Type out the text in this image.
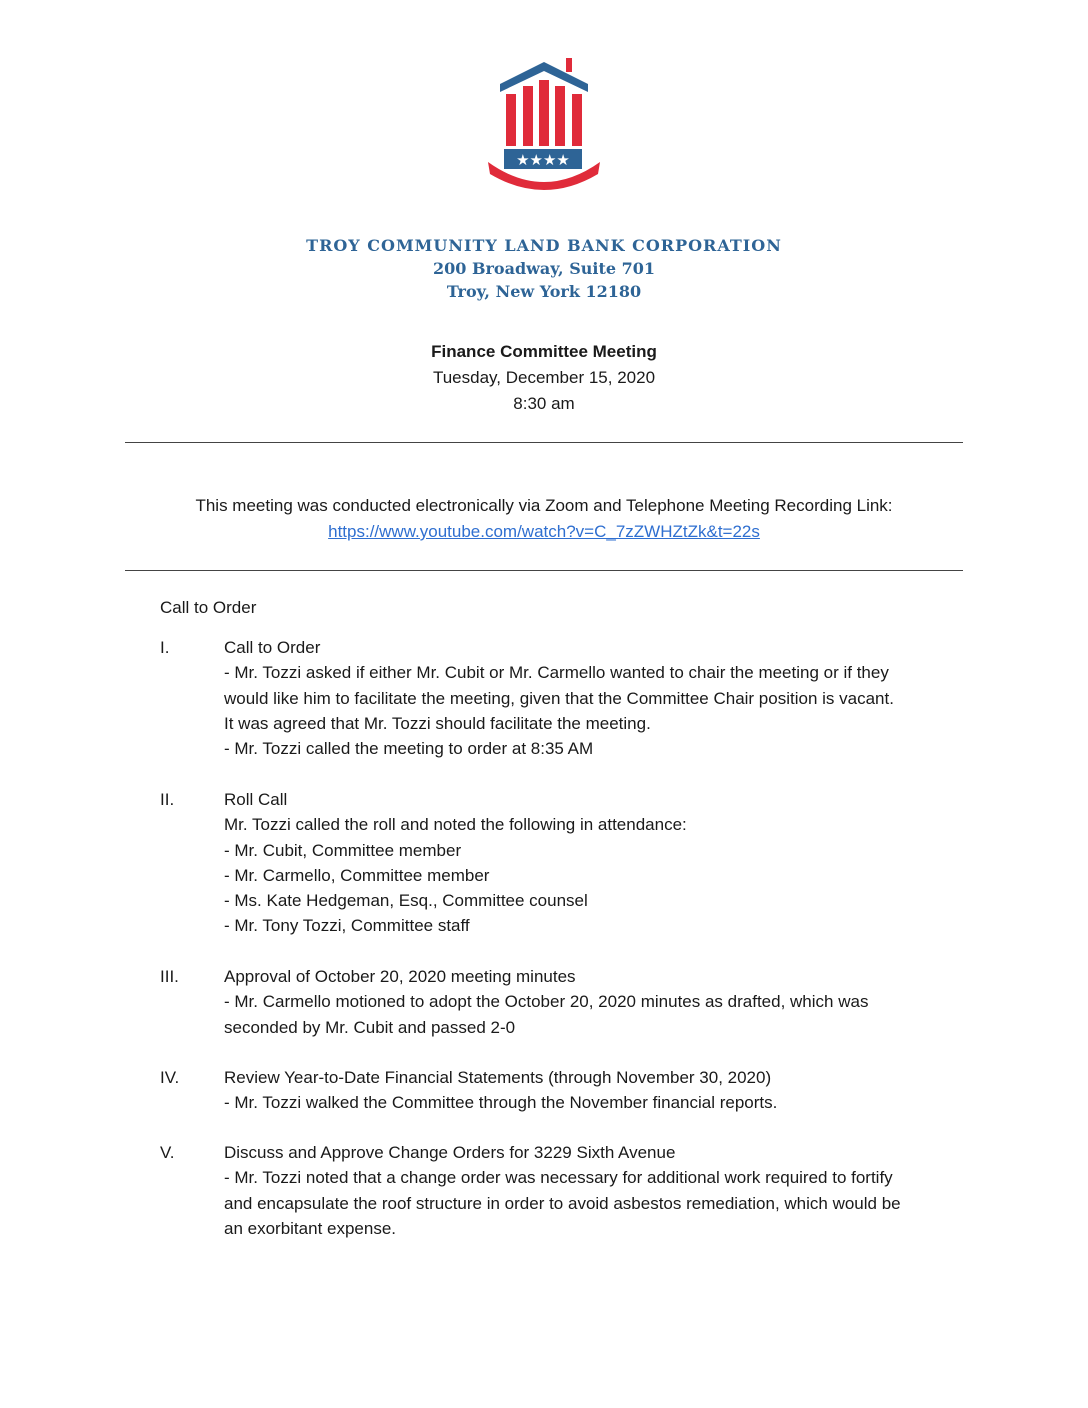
★★★★
TROY COMMUNITY LAND BANK CORPORATION
200 Broadway, Suite 701
Troy, New York 12180
Finance Committee Meeting
Tuesday, December 15, 2020
8:30 am
This meeting was conducted electronically via Zoom and Telephone Meeting Recording Link:
https://www.youtube.com/watch?v=C_7zZWHZtZk&t=22s
Call to Order
I.	Call to Order
- Mr. Tozzi asked if either Mr. Cubit or Mr. Carmello wanted to chair the meeting or if they
would like him to facilitate the meeting, given that the Committee Chair position is vacant.
It was agreed that Mr. Tozzi should facilitate the meeting.
- Mr. Tozzi called the meeting to order at 8:35 AM
II.	Roll Call
Mr. Tozzi called the roll and noted the following in attendance:
- Mr. Cubit, Committee member
- Mr. Carmello, Committee member
- Ms. Kate Hedgeman, Esq., Committee counsel
- Mr. Tony Tozzi, Committee staff
III.	Approval of October 20, 2020 meeting minutes
- Mr. Carmello motioned to adopt the October 20, 2020 minutes as drafted, which was
seconded by Mr. Cubit and passed 2-0
IV.	Review Year-to-Date Financial Statements (through November 30, 2020)
- Mr. Tozzi walked the Committee through the November financial reports.
V.	Discuss and Approve Change Orders for 3229 Sixth Avenue
- Mr. Tozzi noted that a change order was necessary for additional work required to fortify
and encapsulate the roof structure in order to avoid asbestos remediation, which would be
an exorbitant expense.
